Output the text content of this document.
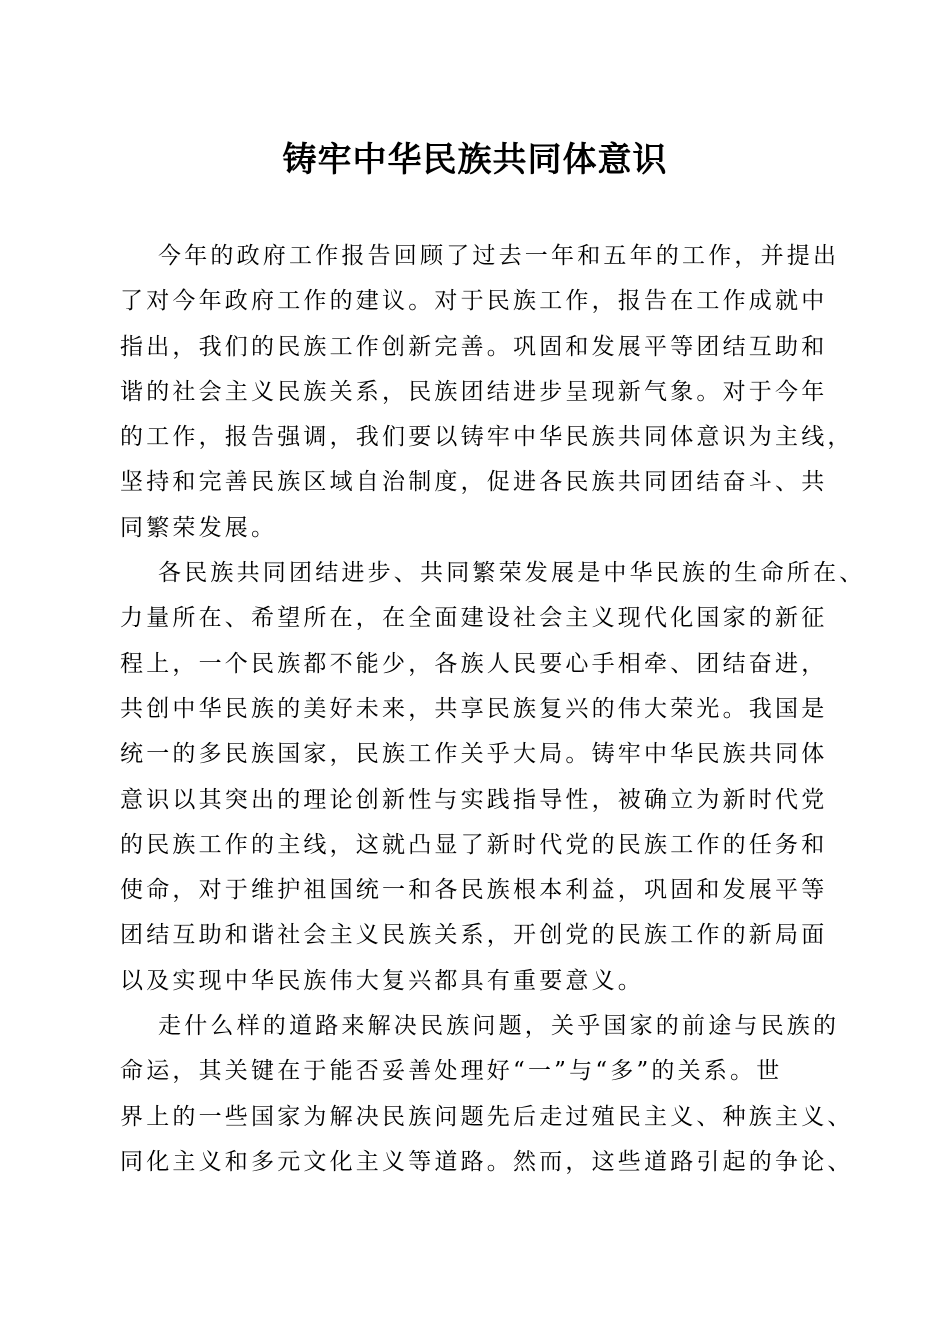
铸牢中华民族共同体意识
今年的政府工作报告回顾了过去一年和五年的工作，并提出
了对今年政府工作的建议。对于民族工作，报告在工作成就中
指出，我们的民族工作创新完善。巩固和发展平等团结互助和
谐的社会主义民族关系，民族团结进步呈现新气象。对于今年
的工作，报告强调，我们要以铸牢中华民族共同体意识为主线，
坚持和完善民族区域自治制度，促进各民族共同团结奋斗、共
同繁荣发展。
各民族共同团结进步、共同繁荣发展是中华民族的生命所在、
力量所在、希望所在，在全面建设社会主义现代化国家的新征
程上，一个民族都不能少，各族人民要心手相牵、团结奋进，
共创中华民族的美好未来，共享民族复兴的伟大荣光。我国是
统一的多民族国家，民族工作关乎大局。铸牢中华民族共同体
意识以其突出的理论创新性与实践指导性，被确立为新时代党
的民族工作的主线，这就凸显了新时代党的民族工作的任务和
使命，对于维护祖国统一和各民族根本利益，巩固和发展平等
团结互助和谐社会主义民族关系，开创党的民族工作的新局面
以及实现中华民族伟大复兴都具有重要意义。
走什么样的道路来解决民族问题，关乎国家的前途与民族的
命运，其关键在于能否妥善处理好“一”与“多”的关系。世
界上的一些国家为解决民族问题先后走过殖民主义、种族主义、
同化主义和多元文化主义等道路。然而，这些道路引起的争论、
